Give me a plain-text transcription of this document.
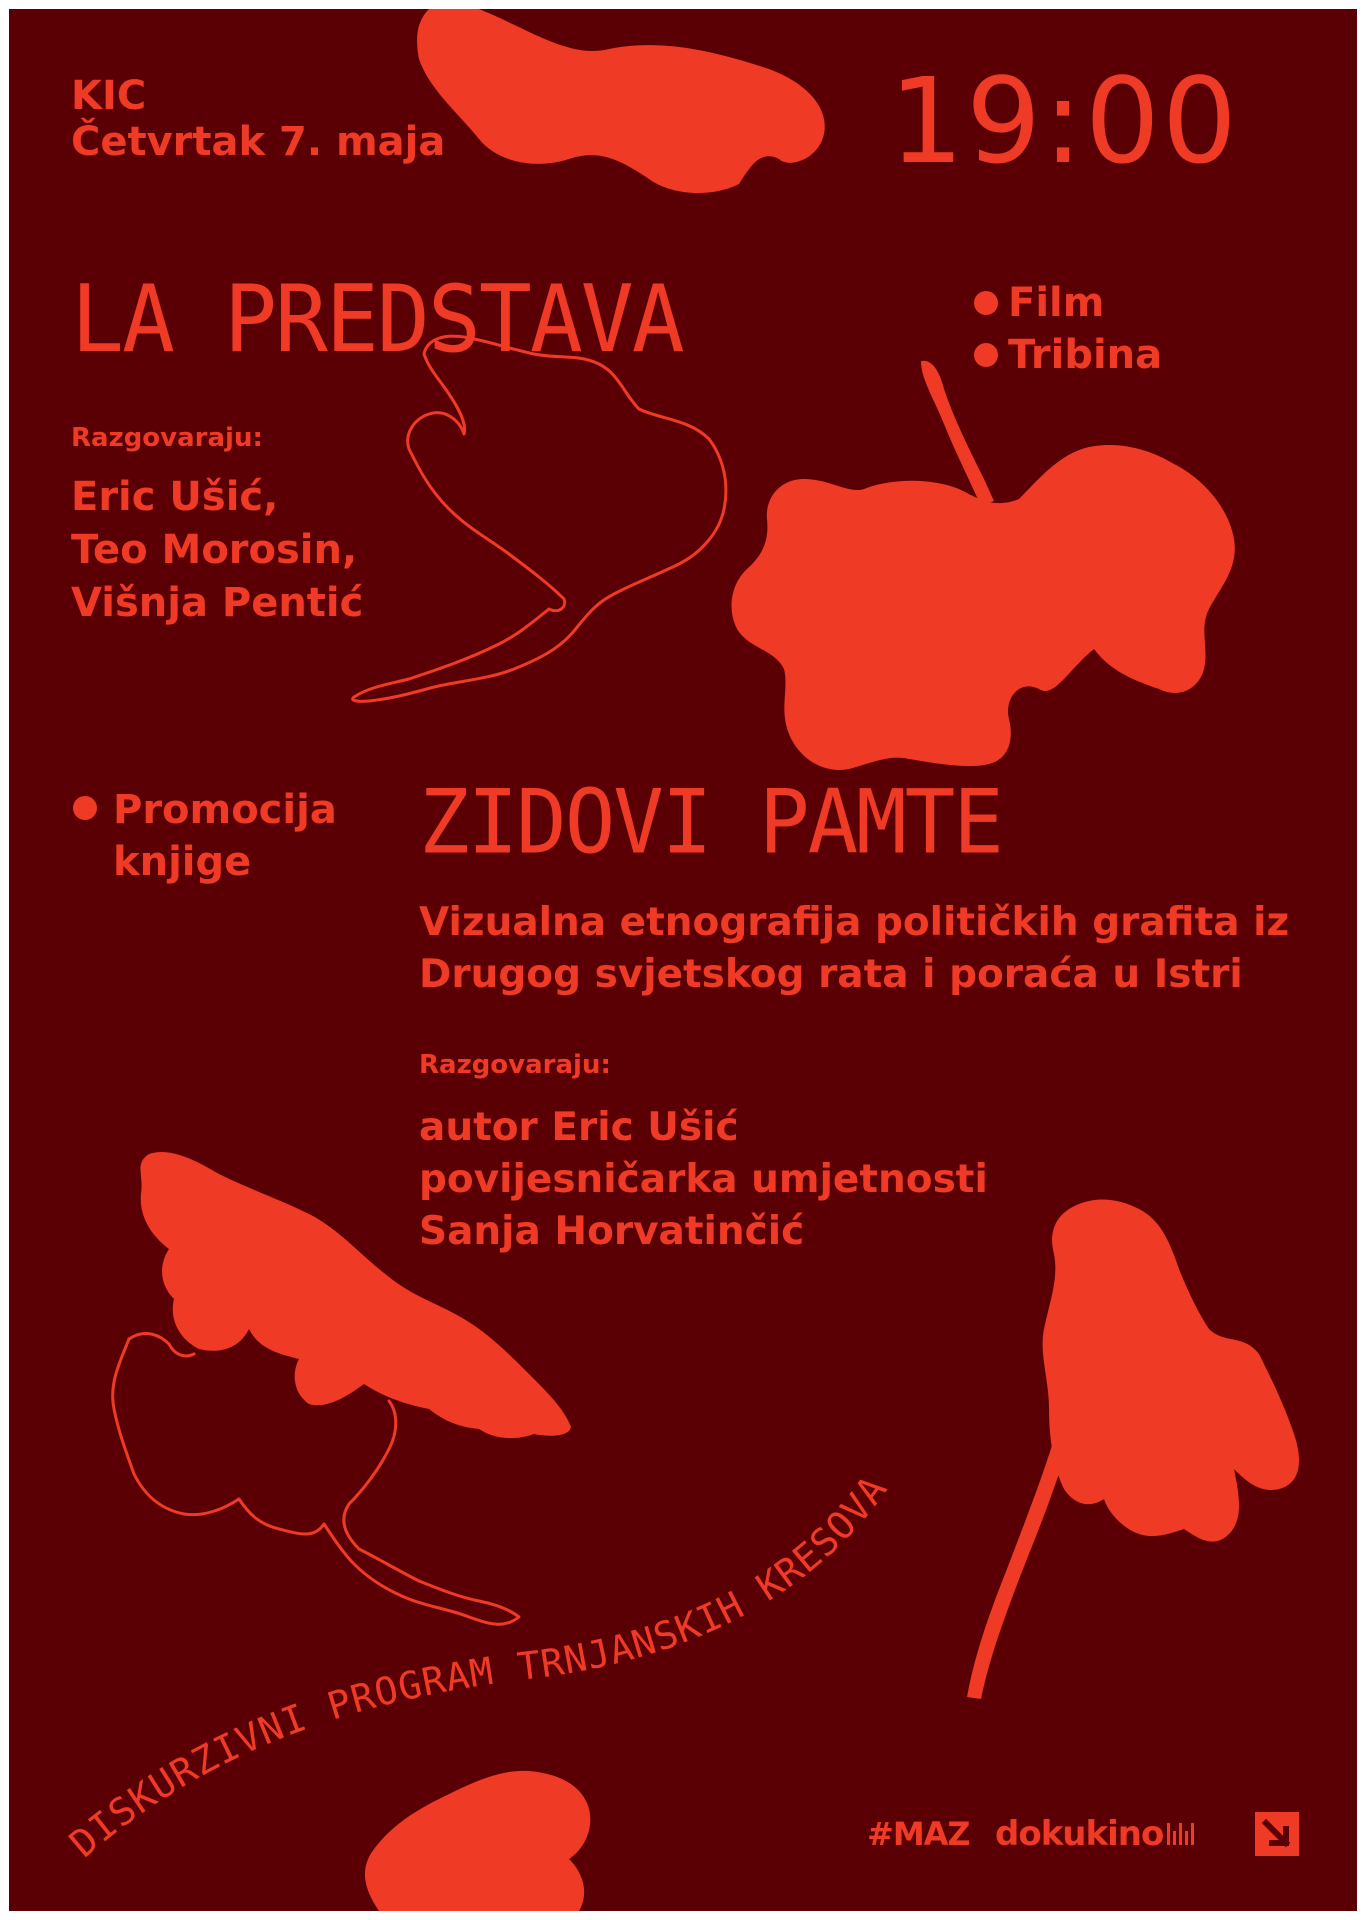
DISKURZIVNI PROGRAM TRNJANSKIH KRESOVA
KIC
Četvrtak 7. maja	19:00
LA PREDSTAVA	Film
Tribina
Razgovaraju:
Eric Ušić,
Teo Morosin,
Višnja Pentić
Promocija
knjige	ZIDOVI PAMTE
Vizualna etnografija političkih grafita iz
Drugog svjetskog rata i poraća u Istri
Razgovaraju:
autor Eric Ušić
povijesničarka umjetnosti
Sanja Horvatinčić
#MAZ dokukino
